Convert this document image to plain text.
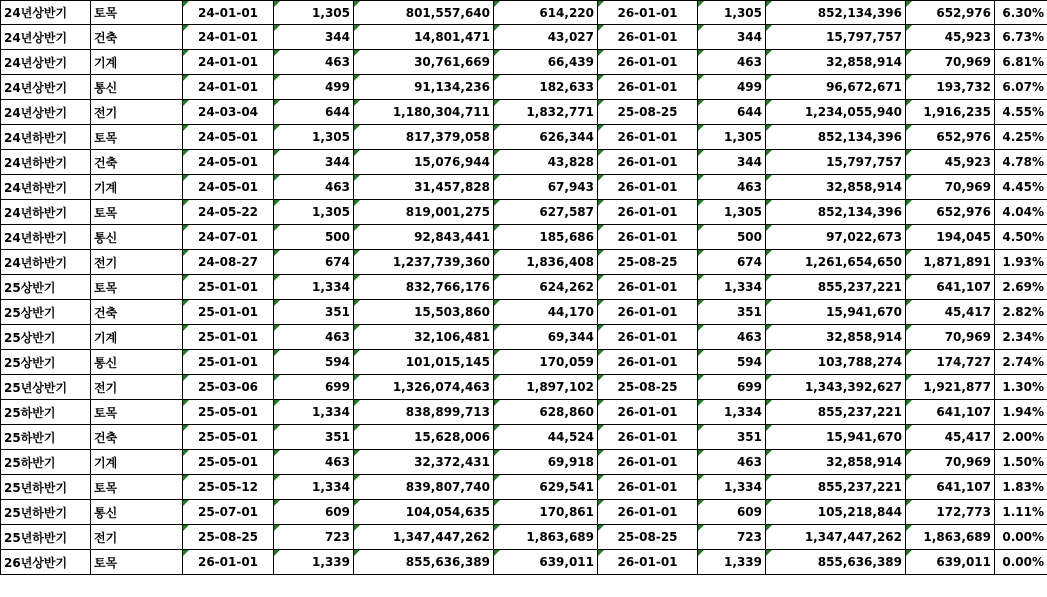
24년상반기	토목	24-01-01	1,305	801,557,640	614,220	26-01-01	1,305	852,134,396	652,976	6.30%
24년상반기	건축	24-01-01	344	14,801,471	43,027	26-01-01	344	15,797,757	45,923	6.73%
24년상반기	기계	24-01-01	463	30,761,669	66,439	26-01-01	463	32,858,914	70,969	6.81%
24년상반기	통신	24-01-01	499	91,134,236	182,633	26-01-01	499	96,672,671	193,732	6.07%
24년상반기	전기	24-03-04	644	1,180,304,711	1,832,771	25-08-25	644	1,234,055,940	1,916,235	4.55%
24년하반기	토목	24-05-01	1,305	817,379,058	626,344	26-01-01	1,305	852,134,396	652,976	4.25%
24년하반기	건축	24-05-01	344	15,076,944	43,828	26-01-01	344	15,797,757	45,923	4.78%
24년하반기	기계	24-05-01	463	31,457,828	67,943	26-01-01	463	32,858,914	70,969	4.45%
24년하반기	토목	24-05-22	1,305	819,001,275	627,587	26-01-01	1,305	852,134,396	652,976	4.04%
24년하반기	통신	24-07-01	500	92,843,441	185,686	26-01-01	500	97,022,673	194,045	4.50%
24년하반기	전기	24-08-27	674	1,237,739,360	1,836,408	25-08-25	674	1,261,654,650	1,871,891	1.93%
25상반기	토목	25-01-01	1,334	832,766,176	624,262	26-01-01	1,334	855,237,221	641,107	2.69%
25상반기	건축	25-01-01	351	15,503,860	44,170	26-01-01	351	15,941,670	45,417	2.82%
25상반기	기계	25-01-01	463	32,106,481	69,344	26-01-01	463	32,858,914	70,969	2.34%
25상반기	통신	25-01-01	594	101,015,145	170,059	26-01-01	594	103,788,274	174,727	2.74%
25년상반기	전기	25-03-06	699	1,326,074,463	1,897,102	25-08-25	699	1,343,392,627	1,921,877	1.30%
25하반기	토목	25-05-01	1,334	838,899,713	628,860	26-01-01	1,334	855,237,221	641,107	1.94%
25하반기	건축	25-05-01	351	15,628,006	44,524	26-01-01	351	15,941,670	45,417	2.00%
25하반기	기계	25-05-01	463	32,372,431	69,918	26-01-01	463	32,858,914	70,969	1.50%
25년하반기	토목	25-05-12	1,334	839,807,740	629,541	26-01-01	1,334	855,237,221	641,107	1.83%
25년하반기	통신	25-07-01	609	104,054,635	170,861	26-01-01	609	105,218,844	172,773	1.11%
25년하반기	전기	25-08-25	723	1,347,447,262	1,863,689	25-08-25	723	1,347,447,262	1,863,689	0.00%
26년상반기	토목	26-01-01	1,339	855,636,389	639,011	26-01-01	1,339	855,636,389	639,011	0.00%
